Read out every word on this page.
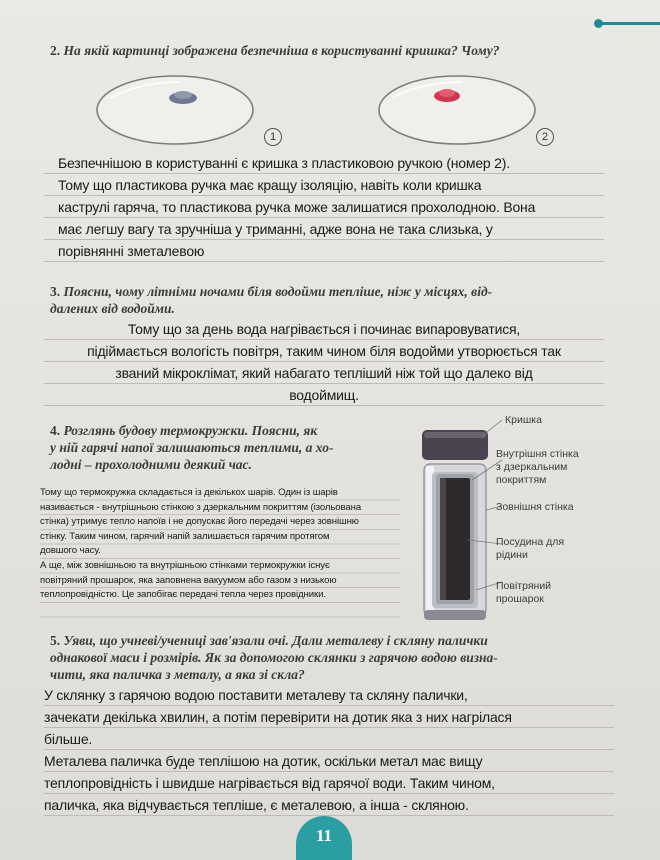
2. На якій картинці зображена безпечніша в користуванні кришка? Чому?
1	2
Безпечнішою в користуванні є кришка з пластиковою ручкою (номер 2).
Тому що пластикова ручка має кращу ізоляцію, навіть коли кришка
каструлі гаряча, то пластикова ручка може залишатися прохолодною. Вона
має легшу вагу та зручніша у триманні, адже вона не така слизька, у
порівнянні зметалевою
3. Поясни, чому літніми ночами біля водойми тепліше, ніж у місцях, від-
далених від водойми.
Тому що за день вода нагрівається і починає випаровуватися,
підіймається вологість повітря, таким чином біля водойми утворюється так
званий мікроклімат, який набагато тепліший ніж той що далеко від
водоймищ.
4. Розглянь будову термокружки. Поясни, як
у ній гарячі напої залишаються теплими, а хо-
лодні – прохолодними деякий час.
Тому що термокружка складається із декількох шарів. Один із шарів
називається - внутрішньою стінкою з дзеркальним покриттям (ізольована
стінка) утримує тепло напоїв і не допускає його передачі через зовнішню
стінку. Таким чином, гарячий напій залишається гарячим протягом
довшого часу.
А ще, між зовнішньою та внутрішньою стінками термокружки існує
повітряний прошарок, яка заповнена вакуумом або газом з низькою
теплопровідністю. Це запобігає передачі тепла через провідники.
Кришка
Внутрішня стінка
з дзеркальним
покриттям
Зовнішня стінка
Посудина для
рідини
Повітряний
прошарок
5. Уяви, що учневі/учениці зав'язали очі. Дали металеву і скляну палички
однакової маси і розмірів. Як за допомогою склянки з гарячою водою визна-
чити, яка паличка з металу, а яка зі скла?
У склянку з гарячою водою поставити металеву та скляну палички,
зачекати декілька хвилин, а потім перевірити на дотик яка з них нагрілася
більше.
Металева паличка буде теплішою на дотик, оскільки метал має вищу
теплопровідність і швидше нагрівається від гарячої води. Таким чином,
паличка, яка відчувається тепліше, є металевою, а інша - скляною.
11
